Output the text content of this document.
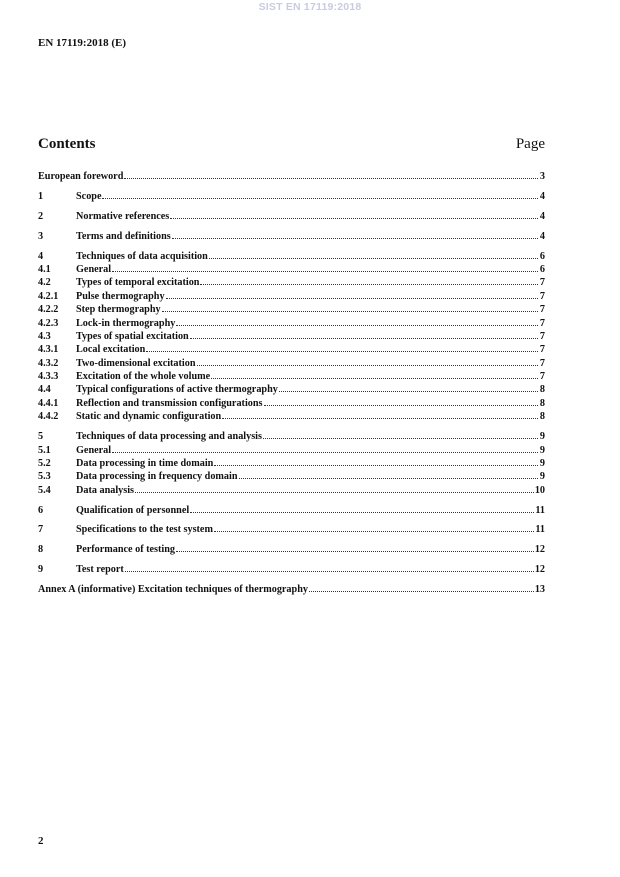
SIST EN 17119:2018
EN 17119:2018 (E)
Contents	Page
European foreword	3
1	Scope	4
2	Normative references	4
3	Terms and definitions	4
4	Techniques of data acquisition	6
4.1	General	6
4.2	Types of temporal excitation	7
4.2.1	Pulse thermography	7
4.2.2	Step thermography	7
4.2.3	Lock-in thermography	7
4.3	Types of spatial excitation	7
4.3.1	Local excitation	7
4.3.2	Two-dimensional excitation	7
4.3.3	Excitation of the whole volume	7
4.4	Typical configurations of active thermography	8
4.4.1	Reflection and transmission configurations	8
4.4.2	Static and dynamic configuration	8
5	Techniques of data processing and analysis	9
5.1	General	9
5.2	Data processing in time domain	9
5.3	Data processing in frequency domain	9
5.4	Data analysis	10
6	Qualification of personnel	11
7	Specifications to the test system	11
8	Performance of testing	12
9	Test report	12
Annex A (informative) Excitation techniques of thermography	13
2
